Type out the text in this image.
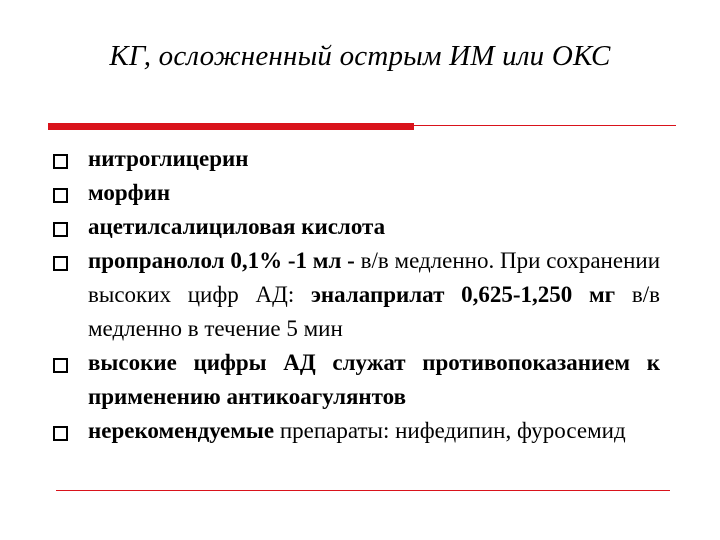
КГ, осложненный острым ИМ или ОКС
нитроглицерин
морфин
ацетилсалициловая кислота
пропранолол 0,1% -1 мл - в/в медленно. При сохранении высоких цифр АД: эналаприлат 0,625-1,250 мг в/в медленно в течение 5 мин
высокие цифры АД служат противопоказанием к применению антикоагулянтов
нерекомендуемые препараты: нифедипин, фуросемид
